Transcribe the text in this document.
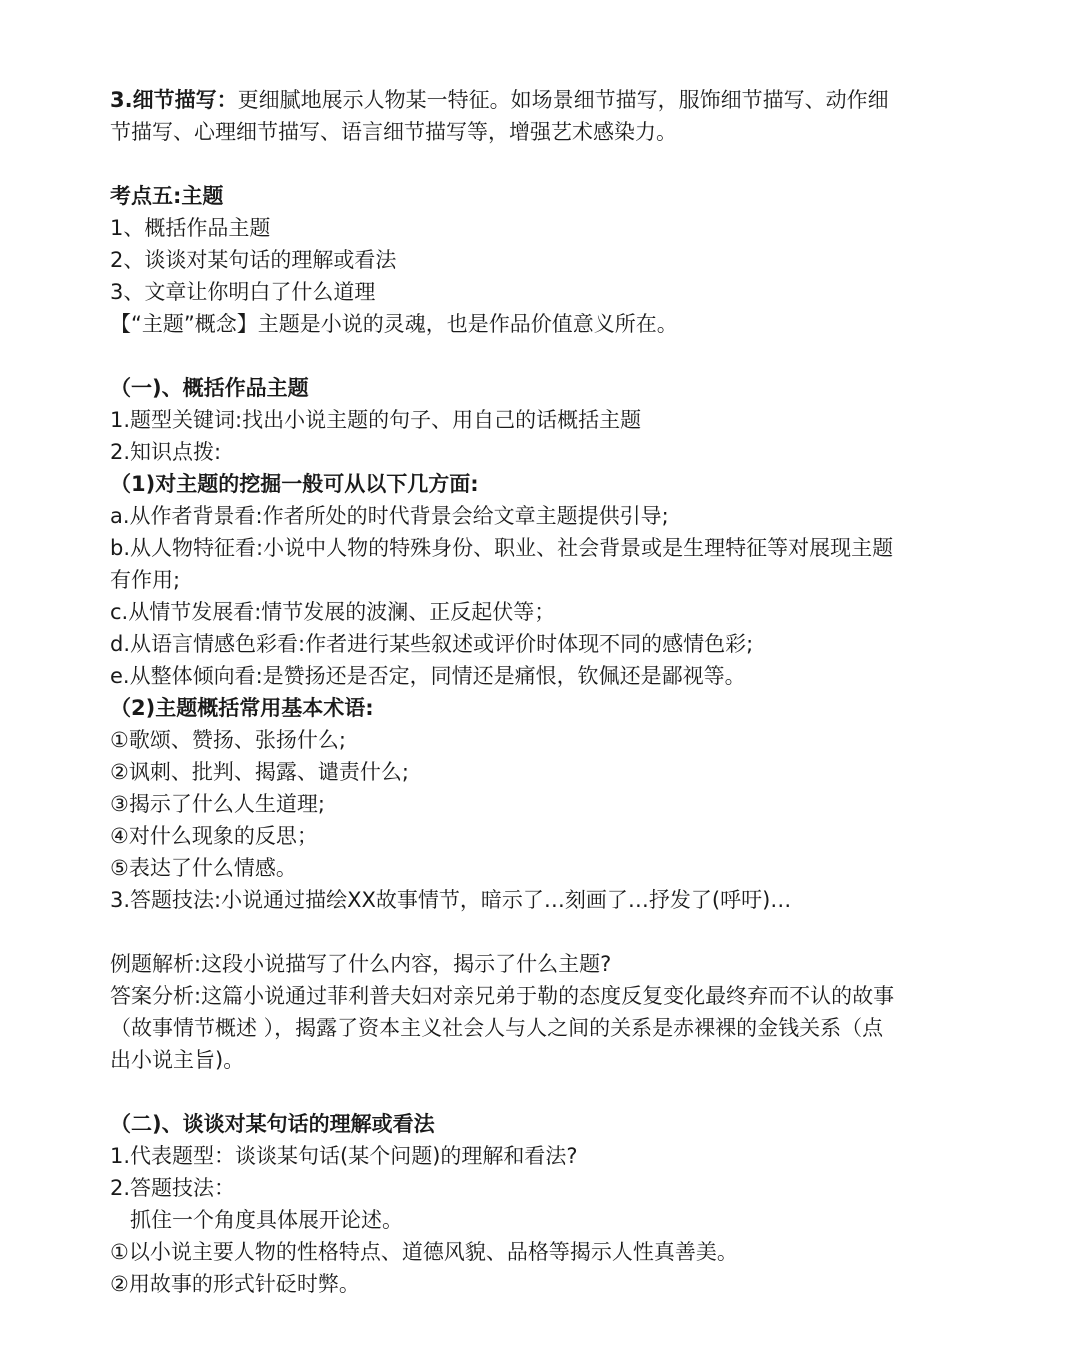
3.细节描写：更细腻地展示人物某一特征。如场景细节描写，服饰细节描写、动作细

节描写、心理细节描写、语言细节描写等，增强艺术感染力。

考点五:主题

1、概括作品主题

2、谈谈对某句话的理解或看法

3、文章让你明白了什么道理

【“主题”概念】主题是小说的灵魂，也是作品价值意义所在。

（一)、概括作品主题

1.题型关键词:找出小说主题的句子、用自己的话概括主题

2.知识点拨:

（1)对主题的挖掘一般可从以下几方面:

a.从作者背景看:作者所处的时代背景会给文章主题提供引导;

b.从人物特征看:小说中人物的特殊身份、职业、社会背景或是生理特征等对展现主题

有作用;

c.从情节发展看:情节发展的波澜、正反起伏等；

d.从语言情感色彩看:作者进行某些叙述或评价时体现不同的感情色彩;

e.从整体倾向看:是赞扬还是否定，同情还是痛恨，钦佩还是鄙视等。

（2)主题概括常用基本术语:

①歌颂、赞扬、张扬什么;

②讽刺、批判、揭露、谴责什么;

③揭示了什么人生道理;

④对什么现象的反思；

⑤表达了什么情感。

3.答题技法:小说通过描绘XX故事情节，暗示了…刻画了…抒发了(呼吁)…

例题解析:这段小说描写了什么内容，揭示了什么主题?

答案分析:这篇小说通过菲利普夫妇对亲兄弟于勒的态度反复变化最终弃而不认的故事

（故事情节概述 ），揭露了资本主义社会人与人之间的关系是赤裸裸的金钱关系（点

出小说主旨)。

（二)、谈谈对某句话的理解或看法

1.代表题型：谈谈某句话(某个问题)的理解和看法?

2.答题技法：

抓住一个角度具体展开论述。

①以小说主要人物的性格特点、道德风貌、品格等揭示人性真善美。

②用故事的形式针砭时弊。
